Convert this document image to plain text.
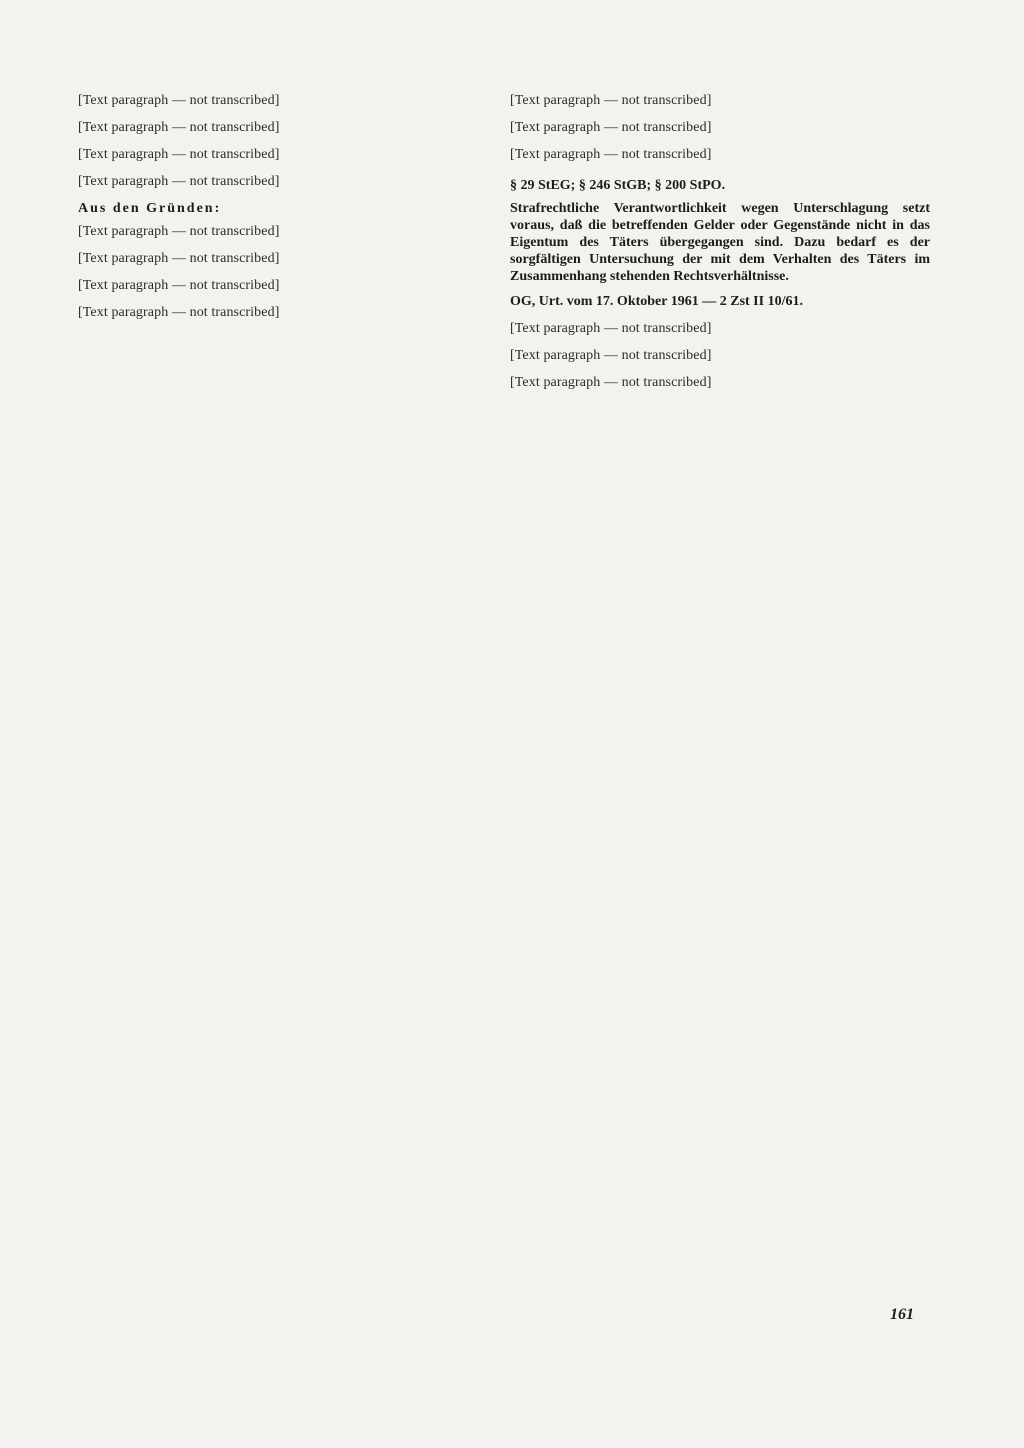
[Text paragraph — not transcribed]

[Text paragraph — not transcribed]

[Text paragraph — not transcribed]

[Text paragraph — not transcribed]

Aus den Gründen:

[Text paragraph — not transcribed]

[Text paragraph — not transcribed]

[Text paragraph — not transcribed]

[Text paragraph — not transcribed]

[Text paragraph — not transcribed]

[Text paragraph — not transcribed]

[Text paragraph — not transcribed]

§ 29 StEG; § 246 StGB; § 200 StPO.
Strafrechtliche Verantwortlichkeit wegen Unterschlagung setzt voraus, daß die betreffenden Gelder oder Gegenstände nicht in das Eigentum des Täters übergegangen sind. Dazu bedarf es der sorgfältigen Untersuchung der mit dem Verhalten des Täters im Zusammenhang stehenden Rechtsverhältnisse.
OG, Urt. vom 17. Oktober 1961 — 2 Zst II 10/61.

[Text paragraph — not transcribed]

[Text paragraph — not transcribed]

[Text paragraph — not transcribed]

161
